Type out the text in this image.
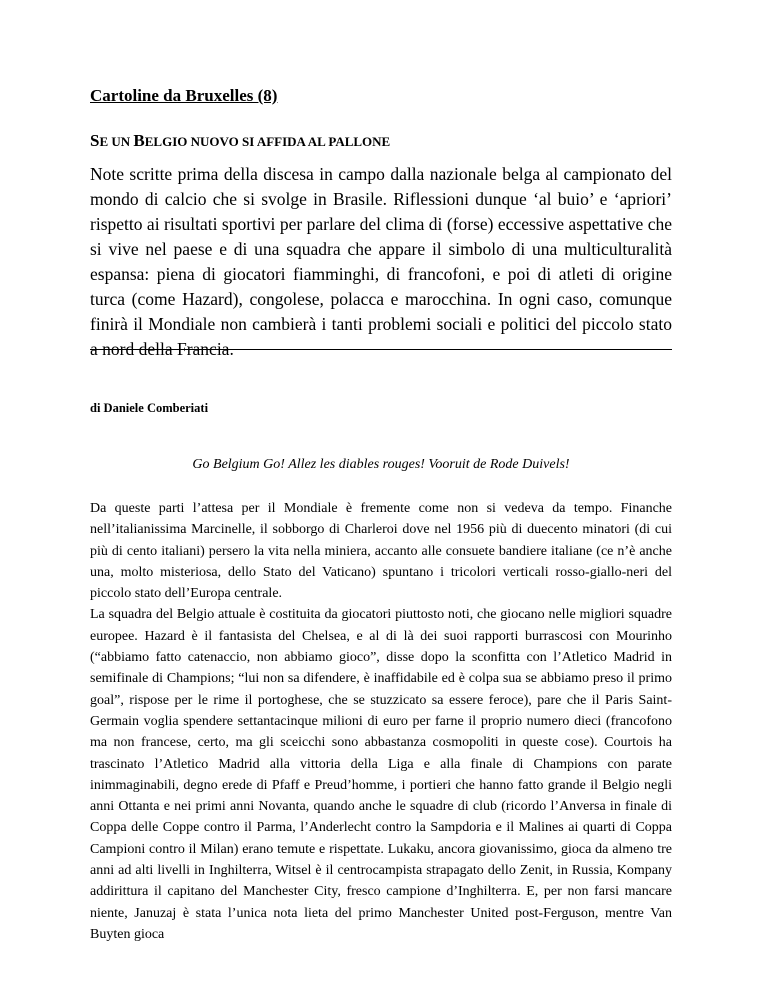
Cartoline da Bruxelles (8)
SE UN BELGIO NUOVO SI AFFIDA AL PALLONE

Note scritte prima della discesa in campo dalla nazionale belga al campionato del mondo di calcio che si svolge in Brasile. Riflessioni dunque ‘al buio’ e ‘apriori’ rispetto ai risultati sportivi per parlare del clima di (forse) eccessive aspettative che si vive nel paese e di una squadra che appare il simbolo di una multiculturalità espansa: piena di giocatori fiamminghi, di francofoni, e poi di atleti di origine turca (come Hazard), congolese, polacca e marocchina. In ogni caso, comunque finirà il Mondiale non cambierà i tanti problemi sociali e politici del piccolo stato a nord della Francia.

di Daniele Comberiati

Go Belgium Go! Allez les diables rouges! Vooruit de Rode Duivels!

Da queste parti l’attesa per il Mondiale è fremente come non si vedeva da tempo. Finanche nell’italianissima Marcinelle, il sobborgo di Charleroi dove nel 1956 più di duecento minatori (di cui più di cento italiani) persero la vita nella miniera, accanto alle consuete bandiere italiane (ce n’è anche una, molto misteriosa, dello Stato del Vaticano) spuntano i tricolori verticali rosso-giallo-neri del piccolo stato dell’Europa centrale.

La squadra del Belgio attuale è costituita da giocatori piuttosto noti, che giocano nelle migliori squadre europee. Hazard è il fantasista del Chelsea, e al di là dei suoi rapporti burrascosi con Mourinho (“abbiamo fatto catenaccio, non abbiamo gioco”, disse dopo la sconfitta con l’Atletico Madrid in semifinale di Champions; “lui non sa difendere, è inaffidabile ed è colpa sua se abbiamo preso il primo goal”, rispose per le rime il portoghese, che se stuzzicato sa essere feroce), pare che il Paris Saint-Germain voglia spendere settantacinque milioni di euro per farne il proprio numero dieci (francofono ma non francese, certo, ma gli sceicchi sono abbastanza cosmopoliti in queste cose). Courtois ha trascinato l’Atletico Madrid alla vittoria della Liga e alla finale di Champions con parate inimmaginabili, degno erede di Pfaff e Preud’homme, i portieri che hanno fatto grande il Belgio negli anni Ottanta e nei primi anni Novanta, quando anche le squadre di club (ricordo l’Anversa in finale di Coppa delle Coppe contro il Parma, l’Anderlecht contro la Sampdoria e il Malines ai quarti di Coppa Campioni contro il Milan) erano temute e rispettate. Lukaku, ancora giovanissimo, gioca da almeno tre anni ad alti livelli in Inghilterra, Witsel è il centrocampista strapagato dello Zenit, in Russia, Kompany addirittura il capitano del Manchester City, fresco campione d’Inghilterra. E, per non farsi mancare niente, Januzaj è stata l’unica nota lieta del primo Manchester United post-Ferguson, mentre Van Buyten gioca
